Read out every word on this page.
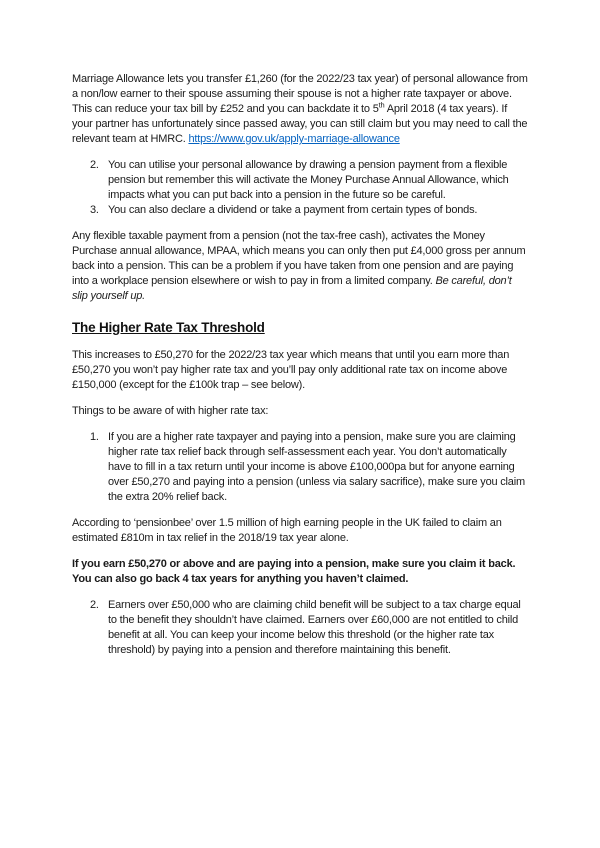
Marriage Allowance lets you transfer £1,260 (for the 2022/23 tax year) of personal allowance from a non/low earner to their spouse assuming their spouse is not a higher rate taxpayer or above. This can reduce your tax bill by £252 and you can backdate it to 5th April 2018 (4 tax years). If your partner has unfortunately since passed away, you can still claim but you may need to call the relevant team at HMRC. https://www.gov.uk/apply-marriage-allowance

2. You can utilise your personal allowance by drawing a pension payment from a flexible pension but remember this will activate the Money Purchase Annual Allowance, which impacts what you can put back into a pension in the future so be careful.
3. You can also declare a dividend or take a payment from certain types of bonds.

Any flexible taxable payment from a pension (not the tax-free cash), activates the Money Purchase annual allowance, MPAA, which means you can only then put £4,000 gross per annum back into a pension. This can be a problem if you have taken from one pension and are paying into a workplace pension elsewhere or wish to pay in from a limited company. Be careful, don’t slip yourself up.

The Higher Rate Tax Threshold

This increases to £50,270 for the 2022/23 tax year which means that until you earn more than £50,270 you won’t pay higher rate tax and you’ll pay only additional rate tax on income above £150,000 (except for the £100k trap – see below).

Things to be aware of with higher rate tax:

1. If you are a higher rate taxpayer and paying into a pension, make sure you are claiming higher rate tax relief back through self-assessment each year. You don’t automatically have to fill in a tax return until your income is above £100,000pa but for anyone earning over £50,270 and paying into a pension (unless via salary sacrifice), make sure you claim the extra 20% relief back.

According to ‘pensionbee’ over 1.5 million of high earning people in the UK failed to claim an estimated £810m in tax relief in the 2018/19 tax year alone.

If you earn £50,270 or above and are paying into a pension, make sure you claim it back. You can also go back 4 tax years for anything you haven’t claimed.

2. Earners over £50,000 who are claiming child benefit will be subject to a tax charge equal to the benefit they shouldn’t have claimed. Earners over £60,000 are not entitled to child benefit at all. You can keep your income below this threshold (or the higher rate tax threshold) by paying into a pension and therefore maintaining this benefit.
